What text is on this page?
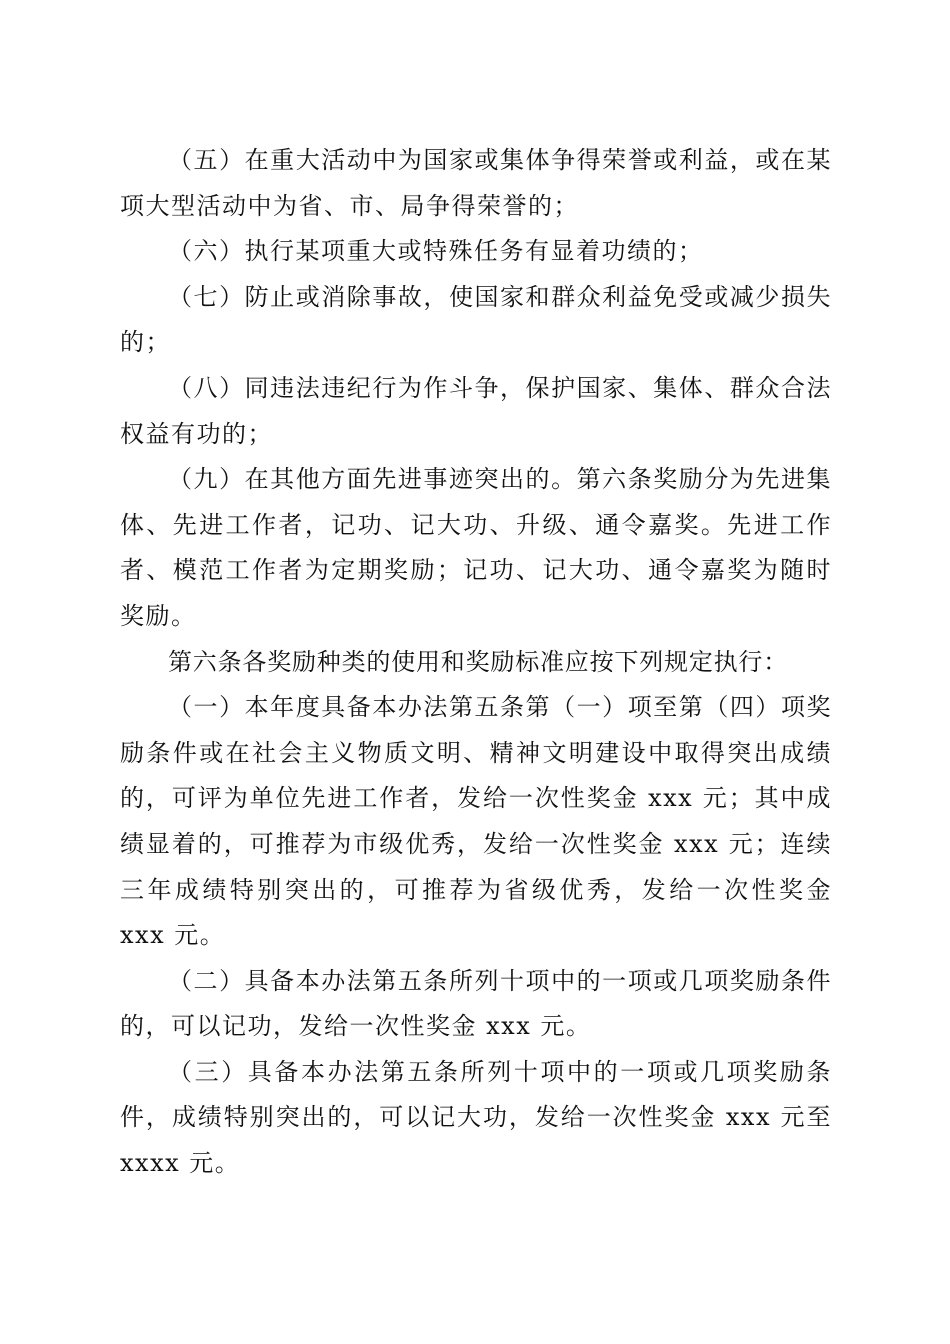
（五）在重大活动中为国家或集体争得荣誉或利益，或在某项大型活动中为省、市、局争得荣誉的；

（六）执行某项重大或特殊任务有显着功绩的；

（七）防止或消除事故，使国家和群众利益免受或减少损失的；

（八）同违法违纪行为作斗争，保护国家、集体、群众合法权益有功的；

（九）在其他方面先进事迹突出的。第六条奖励分为先进集体、先进工作者，记功、记大功、升级、通令嘉奖。先进工作者、模范工作者为定期奖励；记功、记大功、通令嘉奖为随时奖励。

第六条各奖励种类的使用和奖励标准应按下列规定执行：

（一）本年度具备本办法第五条第（一）项至第（四）项奖励条件或在社会主义物质文明、精神文明建设中取得突出成绩的，可评为单位先进工作者，发给一次性奖金 xxx 元；其中成绩显着的，可推荐为市级优秀，发给一次性奖金 xxx 元；连续三年成绩特别突出的，可推荐为省级优秀，发给一次性奖金 xxx 元。

（二）具备本办法第五条所列十项中的一项或几项奖励条件的，可以记功，发给一次性奖金 xxx 元。

（三）具备本办法第五条所列十项中的一项或几项奖励条件，成绩特别突出的，可以记大功，发给一次性奖金 xxx 元至 xxxx 元。
